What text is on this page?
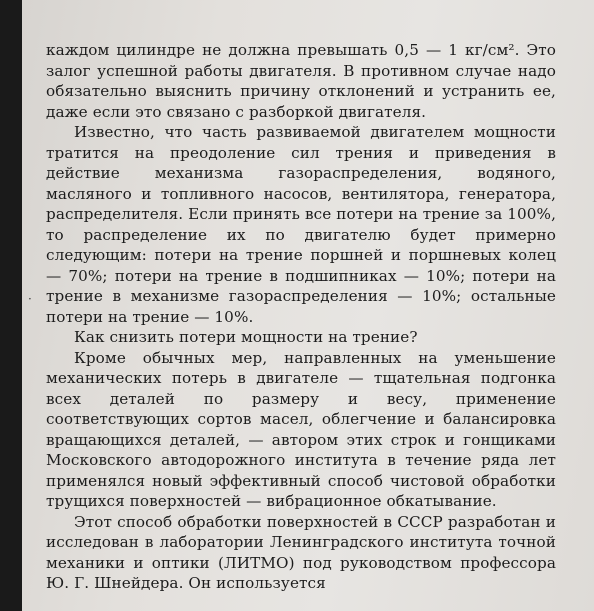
каждом цилиндре не должна превышать 0,5 — 1 кг/см². Это залог успешной работы двигателя. В противном случае надо обязательно выяснить причину отклонений и устранить ее, даже если это связано с разборкой двигателя.

Известно, что часть развиваемой двигателем мощности тратится на преодоление сил трения и приведения в действие механизма газораспределения, водяного, масляного и топливного насосов, вентилятора, генератора, распределителя. Если принять все потери на трение за 100%, то распределение их по двигателю будет примерно следующим: потери на трение поршней и поршневых колец — 70%; потери на трение в подшипниках — 10%; потери на трение в механизме газораспределения — 10%; остальные потери на трение — 10%.

Как снизить потери мощности на трение?

Кроме обычных мер, направленных на уменьшение механических потерь в двигателе — тщательная подгонка всех деталей по размеру и весу, применение соответствующих сортов масел, облегчение и балансировка вращающихся деталей, — автором этих строк и гонщиками Московского автодорожного института в течение ряда лет применялся новый эффективный способ чистовой обработки трущихся поверхностей — вибрационное обкатывание.

Этот способ обработки поверхностей в СССР разработан и исследован в лаборатории Ленинградского института точной механики и оптики (ЛИТМО) под руководством профессора Ю. Г. Шнейдера. Он используется

·
